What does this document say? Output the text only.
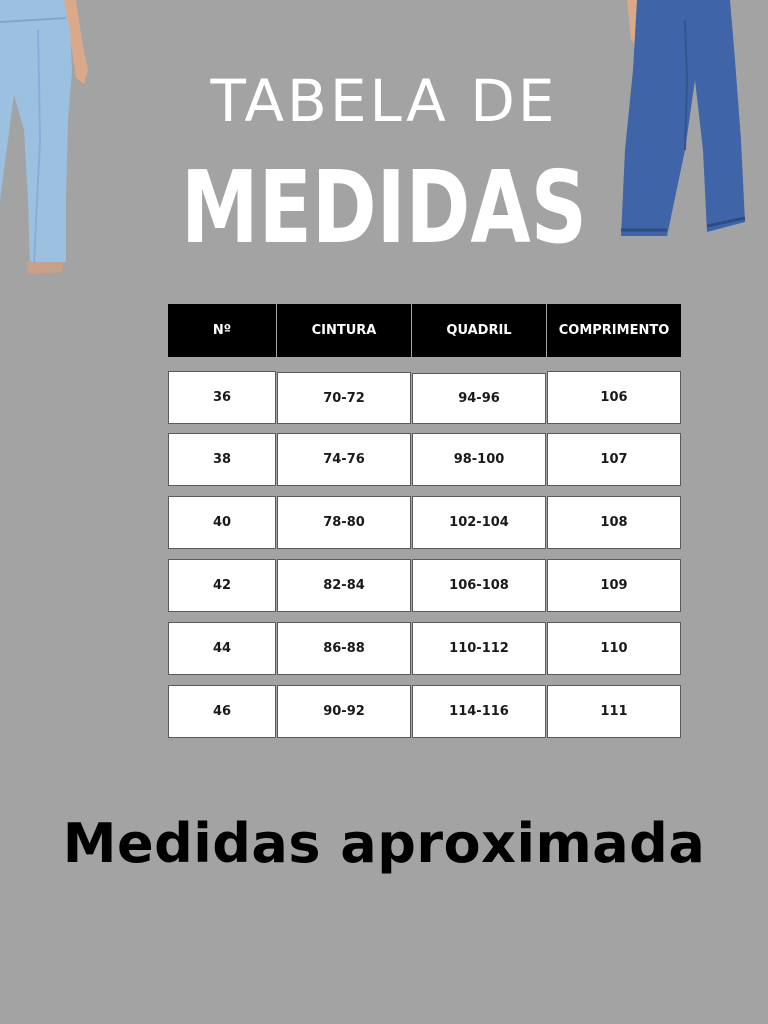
TABELA DE
MEDIDAS
Nº	CINTURA	QUADRIL	COMPRIMENTO
36	70-72	94-96	106
38	74-76	98-100	107
40	78-80	102-104	108
42	82-84	106-108	109
44	86-88	110-112	110
46	90-92	114-116	111
Medidas aproximada
